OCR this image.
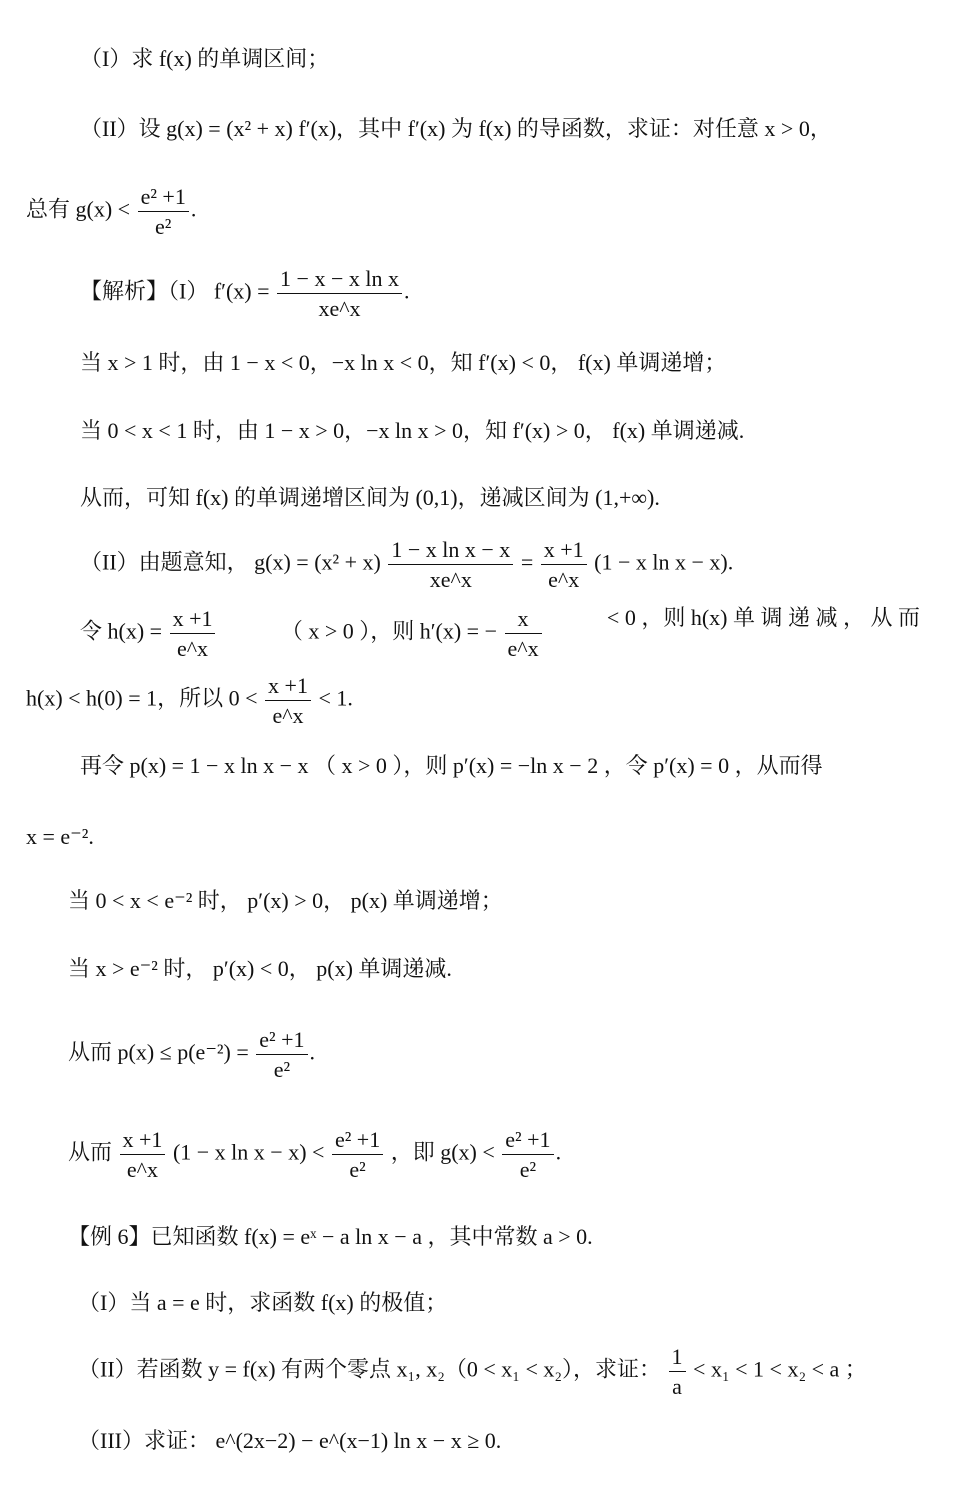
（I）求 f(x) 的单调区间；
（II）设 g(x) = (x² + x) f′(x)，其中 f′(x) 为 f(x) 的导函数，求证：对任意 x > 0，
总有 $g(x) < \frac{\text{e² +1}}{\text{e²}}$ .
【解析】（I） $f'(x) = \frac{\text{1 − x − x ln x}}{xe\^{}x}$ .
当 x > 1 时，由 1 − x < 0，−x ln x < 0，知 f′(x) < 0， f(x) 单调递增；
当 0 < x < 1 时，由 1 − x > 0，−x ln x > 0，知 f′(x) > 0， f(x) 单调递减.
从而，可知 f(x) 的单调递增区间为 (0,1)，递减区间为 (1,+∞).
（II）由题意知， $g(x) = (x^2 + x) \frac{\text{1 − x ln x − x}}{xe\^{}x} = \frac{x +1}{e\^{}x} (1 - x$ ln x − x).
令 $h(x) = \frac{x +1}{e\^{}x}$	（ x > 0 ），则 h′(x) = − $\frac{x}{e\^{}x}$	< 0 ，则 h(x) 单 调 递 减 ， 从 而
h(x) < h(0) = 1，所以 $0 < \frac{x +1}{e\^{}x} < 1$.
再令 p(x) = 1 − x ln x − x （ x > 0 ），则 p′(x) = −ln x − 2 ，令 p′(x) = 0 ，从而得
x = e⁻².
当 0 < x < e⁻² 时， p′(x) > 0， p(x) 单调递增；
当 x > e⁻² 时， p′(x) < 0， p(x) 单调递减.
从而 $p(x) \le p(e^{-2}) = \frac{\text{e² +1}}{\text{e²}}$ .
从而 $\frac{x +1}{e\^{}x} (1 - x$ $\ln x - x) < \frac{\text{e² +1}}{\text{e²}}$ ，即 $g(x) < \frac{\text{e² +1}}{\text{e²}}$ .
【例 6】已知函数 f(x) = eˣ − a ln x − a ，其中常数 a > 0.
（I）当 a = e 时，求函数 f(x) 的极值；
（II）若函数 y = f(x) 有两个零点 x₁, x₂（0 < x₁ < x₂），求证： $\frac{1}{a} < x_1 < 1 < x_2 < a$ ；
（III）求证： e^(2x−2) − e^(x−1) ln x − x ≥ 0.
